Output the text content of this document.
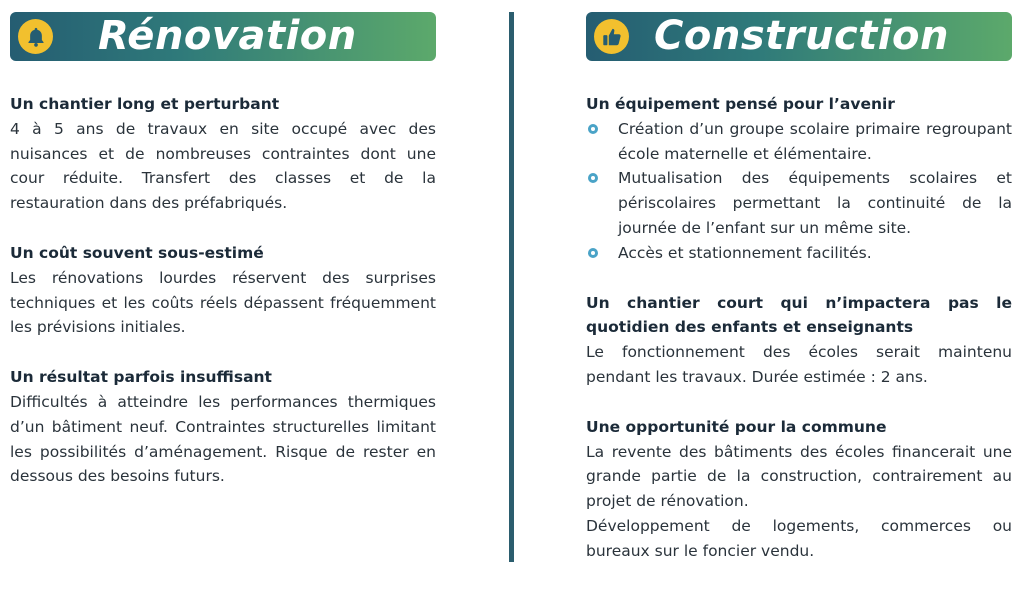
Rénovation	Construction
Un chantier long et perturbant
4 à 5 ans de travaux en site occupé avec des nuisances et de nombreuses contraintes dont une cour réduite. Transfert des classes et de la restauration dans des préfabriqués.
Un coût souvent sous-estimé
Les rénovations lourdes réservent des surprises techniques et les coûts réels dépassent fréquemment les prévisions initiales.
Un résultat parfois insuffisant
Difficultés à atteindre les performances thermiques d’un bâtiment neuf. Contraintes structurelles limitant les possibilités d’aménagement. Risque de rester en dessous des besoins futurs.
Un équipement pensé pour l’avenir
Création d’un groupe scolaire primaire regroupant école maternelle et élémentaire.
Mutualisation des équipements scolaires et périscolaires permettant la continuité de la journée de l’enfant sur un même site.
Accès et stationnement facilités.
Un chantier court qui n’impactera pas le quotidien des enfants et enseignants
Le fonctionnement des écoles serait maintenu pendant les travaux. Durée estimée : 2 ans.
Une opportunité pour la commune
La revente des bâtiments des écoles financerait une grande partie de la construction, contrairement au projet de rénovation.
Développement de logements, commerces ou bureaux sur le foncier vendu.
